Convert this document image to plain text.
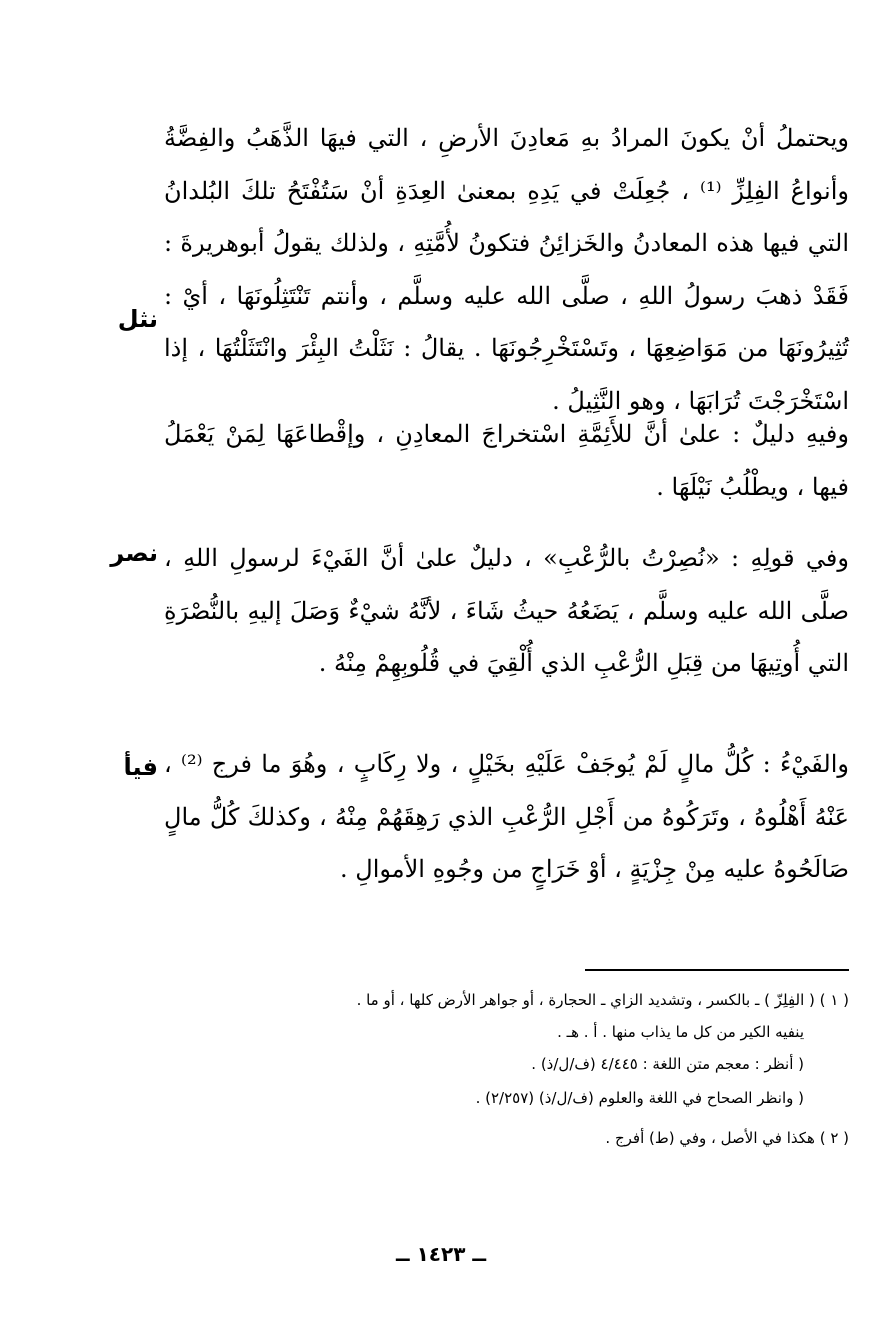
ويحتملُ أنْ يكونَ المرادُ بهِ مَعادِنَ الأرضِ ، التي فيهَا الذَّهَبُ والفِضَّةُ وأنواعُ الفِلِزِّ ⁽¹⁾ ، جُعِلَتْ في يَدِهِ بمعنىٰ العِدَةِ أنْ سَتُفْتَحُ تلكَ البُلدانُ التي فيها هذه المعادنُ والخَزائِنُ فتكونُ لأُمَّتِهِ ، ولذلك يقولُ أبوهريرةَ : فَقَدْ ذهبَ رسولُ اللهِ ، صلَّى الله عليه وسلَّم ، وأنتم تَنْتَثِلُونَهَا ، أيْ : تُثِيرُونَهَا من مَوَاضِعِهَا ، وتَسْتَخْرِجُونَهَا . يقالُ : نَثَلْتُ البِئْرَ وانْتَثَلْتُهَا ، إذا اسْتَخْرَجْتَ تُرَابَهَا ، وهو النَّثِيلُ .

نثل

وفيهِ دليلٌ : علىٰ أنَّ للأَئِمَّةِ اسْتخراجَ المعادِنِ ، وإقْطاعَهَا لِمَنْ يَعْمَلُ فيها ، ويطْلُبُ نَيْلَهَا .

وفي قولِهِ : «نُصِرْتُ بالرُّعْبِ» ، دليلٌ علىٰ أنَّ الفَيْءَ لرسولِ اللهِ ، صلَّى الله عليه وسلَّم ، يَضَعُهُ حيثُ شَاءَ ، لأنَّهُ شيْءٌ وَصَلَ إليهِ بالنُّصْرَةِ التي أُوتِيهَا من قِبَلِ الرُّعْبِ الذي أُلْقِيَ في قُلُوبِهِمْ مِنْهُ .

نصر

والفَيْءُ : كُلُّ مالٍ لَمْ يُوجَفْ عَلَيْهِ بخَيْلٍ ، ولا رِكَابٍ ، وهُوَ ما فرج ⁽²⁾ ، عَنْهُ أَهْلُوهُ ، وتَرَكُوهُ من أَجْلِ الرُّعْبِ الذي رَهِقَهُمْ مِنْهُ ، وكذلكَ كُلُّ مالٍ صَالَحُوهُ عليه مِنْ جِزْيَةٍ ، أوْ خَرَاجٍ من وجُوهِ الأموالِ .

فيأ
( ١ ) ( الفِلِزّ ) ـ بالكسر ، وتشديد الزاي ـ الحجارة ، أو جواهر الأرض كلها ، أو ما .
ينفيه الكير من كل ما يذاب منها . أ . هـ .
( أنظر : معجم متن اللغة : ٤/٤٤٥ (ف/ل/ذ) .
( وانظر الصحاح في اللغة والعلوم (ف/ل/ذ) (٢/٢٥٧) .
( ٢ ) هكذا في الأصل ، وفي (ط) أفرج .
ــ ١٤٢٣ ــ
